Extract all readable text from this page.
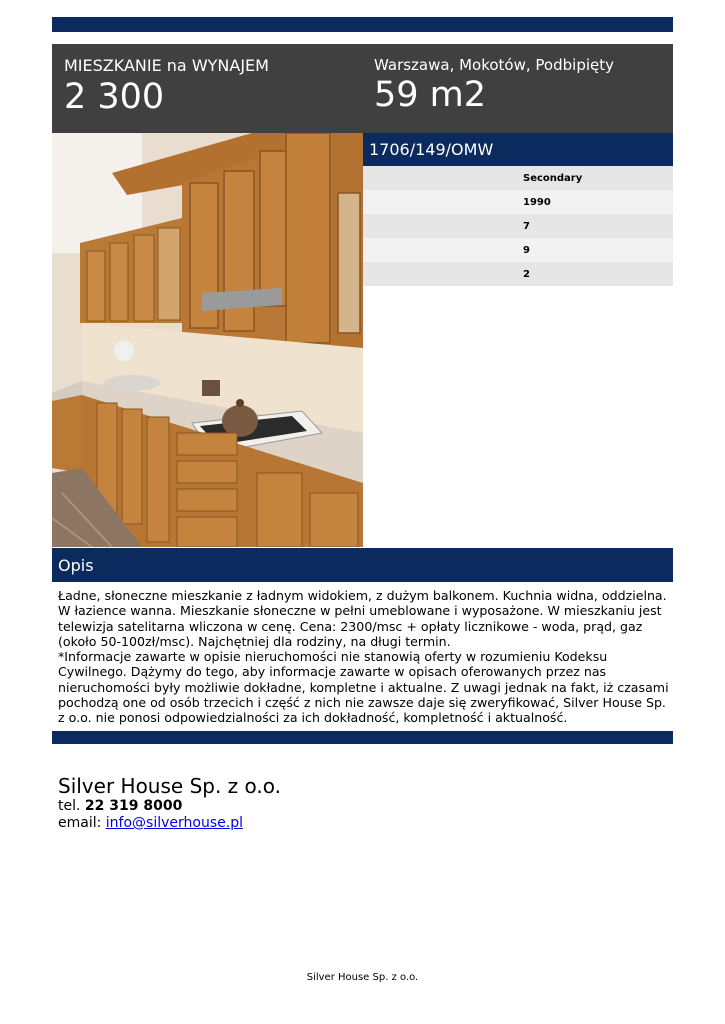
MIESZKANIE na WYNAJEM
2 300
Warszawa, Mokotów, Podbipięty
59 m2
1706/149/OMW
Secondary
1990
7
9
2
Opis

Ładne, słoneczne mieszkanie z ładnym widokiem, z dużym balkonem. Kuchnia widna, oddzielna. W łazience wanna. Mieszkanie słoneczne w pełni umeblowane i wyposażone. W mieszkaniu jest telewizja satelitarna wliczona w cenę. Cena: 2300/msc + opłaty licznikowe - woda, prąd, gaz (około 50-100zł/msc). Najchętniej dla rodziny, na długi termin.

*Informacje zawarte w opisie nieruchomości nie stanowią oferty w rozumieniu Kodeksu Cywilnego. Dążymy do tego, aby informacje zawarte w opisach oferowanych przez nas nieruchomości były możliwie dokładne, kompletne i aktualne. Z uwagi jednak na fakt, iż czasami pochodzą one od osób trzecich i część z nich nie zawsze daje się zweryfikować, Silver House Sp. z o.o. nie ponosi odpowiedzialności za ich dokładność, kompletność i aktualność.

Silver House Sp. z o.o.
tel. 22 319 8000
email: info@silverhouse.pl
Silver House Sp. z o.o.
